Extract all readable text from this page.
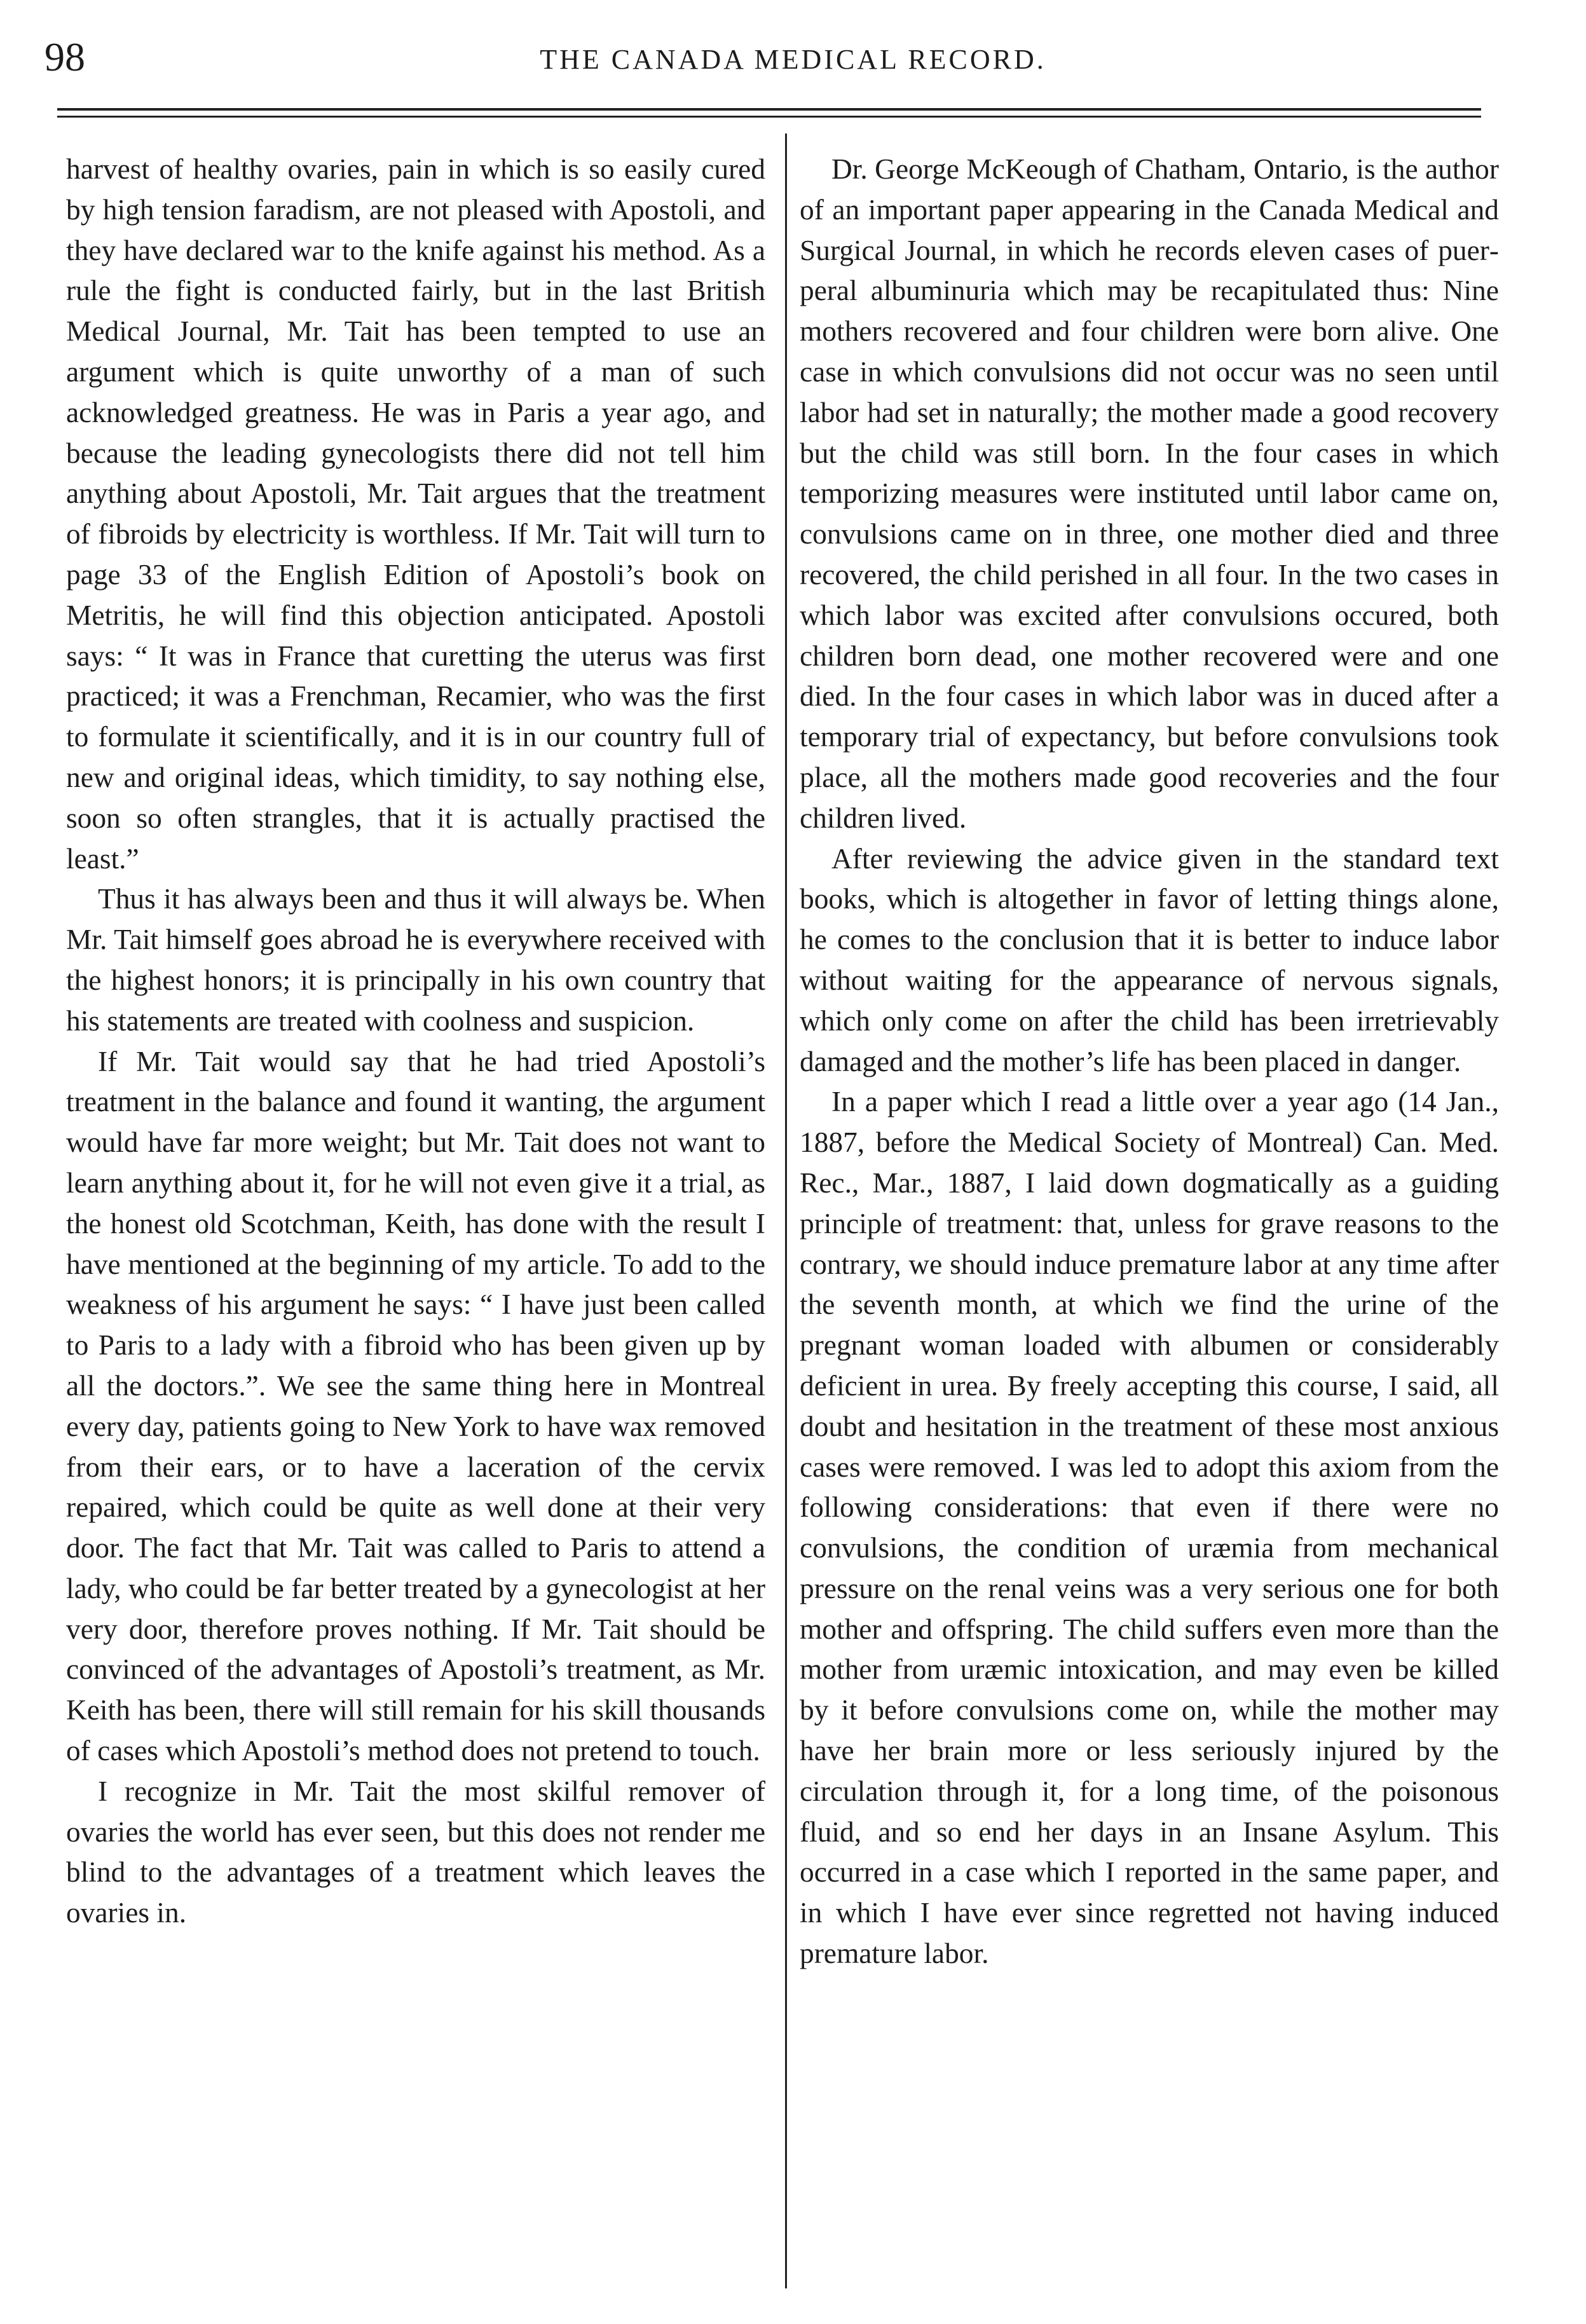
98	THE CANADA MEDICAL RECORD.

harvest of healthy ovaries, pain in which is so easily cured by high tension faradism, are not pleased with Apostoli, and they have declared war to the knife against his method. As a rule the fight is conducted fairly, but in the last British Medical Journal, Mr. Tait has been tempted to use an argument which is quite unworthy of a man of such acknowledged greatness. He was in Paris a year ago, and because the leading gynecologists there did not tell him anything about Apostoli, Mr. Tait argues that the treatment of fibroids by electricity is worthless. If Mr. Tait will turn to page 33 of the English Edition of Apostoli’s book on Metritis, he will find this objection anticipated. Apostoli says: “ It was in France that curetting the uterus was first practiced; it was a Frenchman, Recamier, who was the first to formulate it scientifically, and it is in our country full of new and original ideas, which timidity, to say nothing else, soon so often strangles, that it is actually practised the least.”

Thus it has always been and thus it will always be. When Mr. Tait himself goes abroad he is everywhere received with the highest honors; it is principally in his own country that his statements are treated with coolness and suspicion.

If Mr. Tait would say that he had tried Apostoli’s treatment in the balance and found it wanting, the argument would have far more weight; but Mr. Tait does not want to learn anything about it, for he will not even give it a trial, as the honest old Scotchman, Keith, has done with the result I have mentioned at the beginning of my article. To add to the weakness of his argument he says: “ I have just been called to Paris to a lady with a fibroid who has been given up by all the doctors.”. We see the same thing here in Montreal every day, patients going to New York to have wax removed from their ears, or to have a laceration of the cervix repaired, which could be quite as well done at their very door. The fact that Mr. Tait was called to Paris to attend a lady, who could be far better treated by a gynecologist at her very door, therefore proves nothing. If Mr. Tait should be convinced of the advantages of Apostoli’s treatment, as Mr. Keith has been, there will still remain for his skill thousands of cases which Apostoli’s method does not pretend to touch.

I recognize in Mr. Tait the most skilful remover of ovaries the world has ever seen, but this does not render me blind to the advantages of a treatment which leaves the ovaries in.

Dr. George McKeough of Chatham, Ontario, is the author of an important paper appearing in the Canada Medical and Surgical Journal, in which he records eleven cases of puerperal albuminuria which may be recapitulated thus: Nine mothers recovered and four children were born alive. One case in which convulsions did not occur was no seen until labor had set in naturally; the mother made a good recovery but the child was still born. In the four cases in which temporizing measures were instituted until labor came on, convulsions came on in three, one mother died and three recovered, the child perished in all four. In the two cases in which labor was excited after convulsions occured, both children born dead, one mother recovered were and one died. In the four cases in which labor was in duced after a temporary trial of expectancy, but before convulsions took place, all the mothers made good recoveries and the four children lived.

After reviewing the advice given in the standard text books, which is altogether in favor of letting things alone, he comes to the conclusion that it is better to induce labor without waiting for the appearance of nervous signals, which only come on after the child has been irretrievably damaged and the mother’s life has been placed in danger.

In a paper which I read a little over a year ago (14 Jan., 1887, before the Medical Society of Montreal) Can. Med. Rec., Mar., 1887, I laid down dogmatically as a guiding principle of treatment: that, unless for grave reasons to the contrary, we should induce premature labor at any time after the seventh month, at which we find the urine of the pregnant woman loaded with albumen or considerably deficient in urea. By freely accepting this course, I said, all doubt and hesitation in the treatment of these most anxious cases were removed. I was led to adopt this axiom from the following considerations: that even if there were no convulsions, the condition of uræmia from mechanical pressure on the renal veins was a very serious one for both mother and offspring. The child suffers even more than the mother from uræmic intoxication, and may even be killed by it before convulsions come on, while the mother may have her brain more or less seriously injured by the circulation through it, for a long time, of the poisonous fluid, and so end her days in an Insane Asylum. This occurred in a case which I reported in the same paper, and in which I have ever since regretted not having induced premature labor.
